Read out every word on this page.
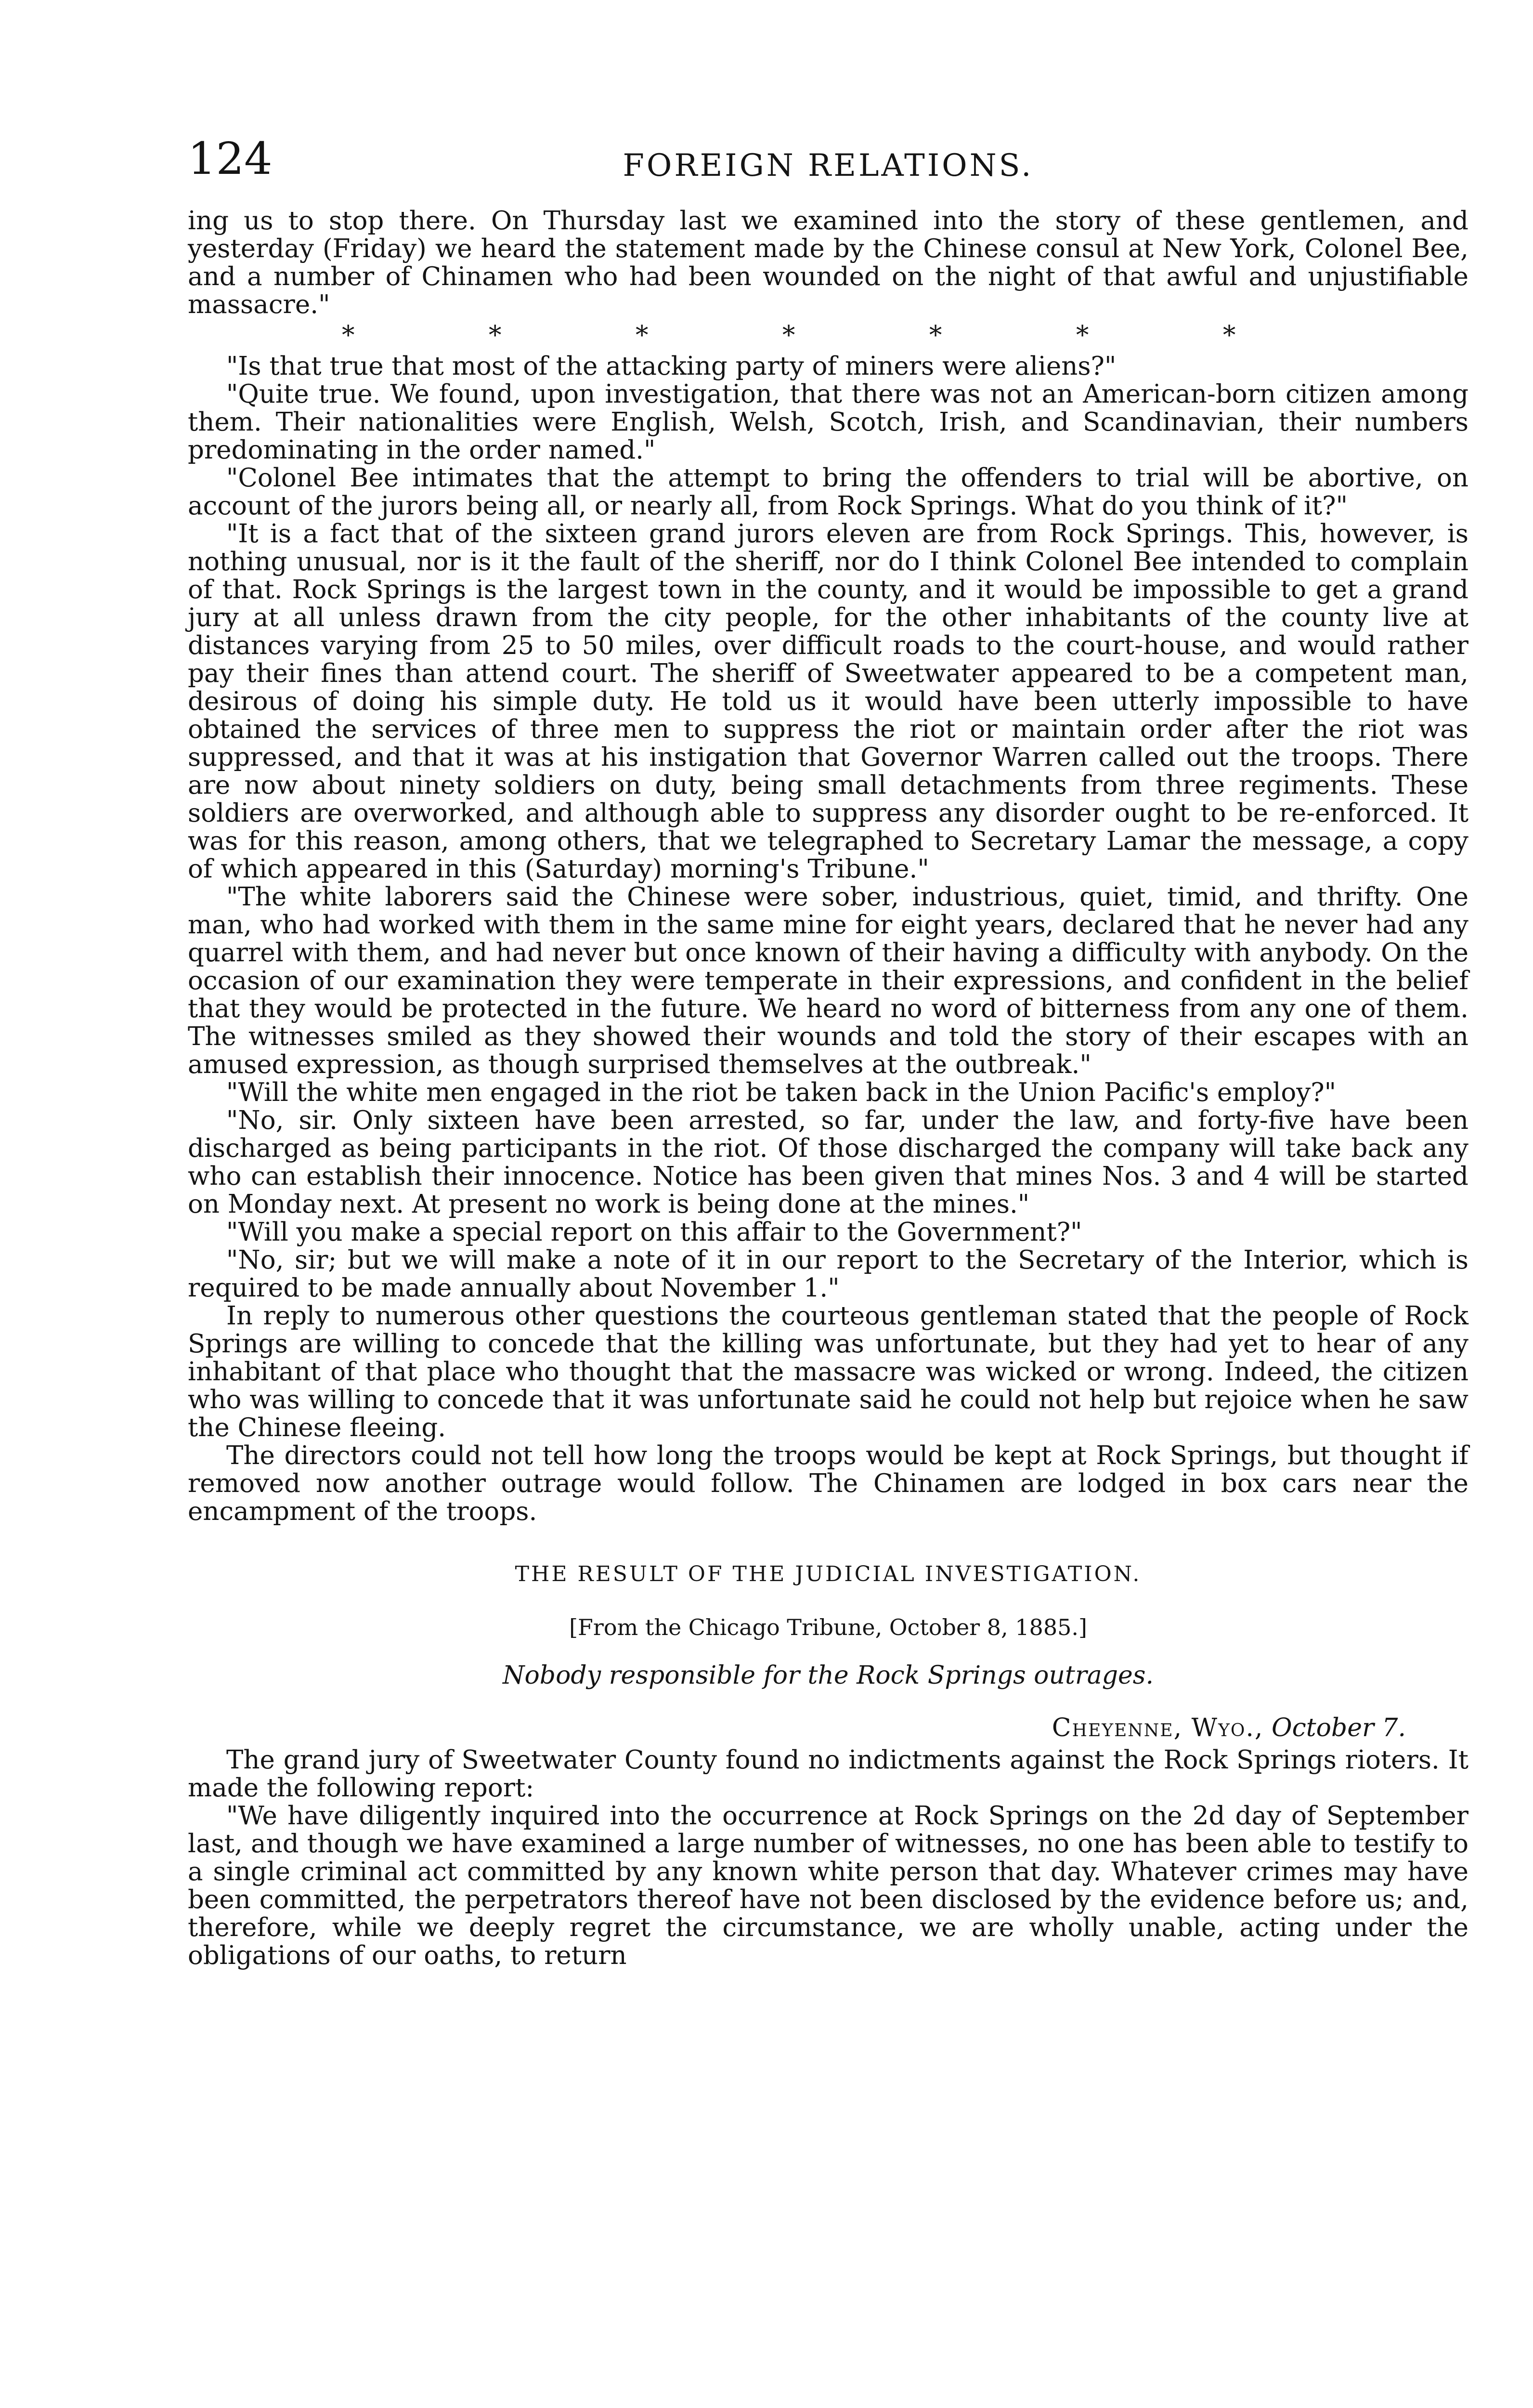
124	FOREIGN RELATIONS.

ing us to stop there. On Thursday last we examined into the story of these gentlemen, and yesterday (Friday) we heard the statement made by the Chinese consul at New York, Colonel Bee, and a number of Chinamen who had been wounded on the night of that awful and unjustifiable massacre."

*          *          *          *          *          *          *

"Is that true that most of the attacking party of miners were aliens?"

"Quite true. We found, upon investigation, that there was not an American-born citizen among them. Their nationalities were English, Welsh, Scotch, Irish, and Scandinavian, their numbers predominating in the order named."

"Colonel Bee intimates that the attempt to bring the offenders to trial will be abortive, on account of the jurors being all, or nearly all, from Rock Springs. What do you think of it?"

"It is a fact that of the sixteen grand jurors eleven are from Rock Springs. This, however, is nothing unusual, nor is it the fault of the sheriff, nor do I think Colonel Bee intended to complain of that. Rock Springs is the largest town in the county, and it would be impossible to get a grand jury at all unless drawn from the city people, for the other inhabitants of the county live at distances varying from 25 to 50 miles, over difficult roads to the court-house, and would rather pay their fines than attend court. The sheriff of Sweetwater appeared to be a competent man, desirous of doing his simple duty. He told us it would have been utterly impossible to have obtained the services of three men to suppress the riot or maintain order after the riot was suppressed, and that it was at his instigation that Governor Warren called out the troops. There are now about ninety soldiers on duty, being small detachments from three regiments. These soldiers are overworked, and although able to suppress any disorder ought to be re-enforced. It was for this reason, among others, that we telegraphed to Secretary Lamar the message, a copy of which appeared in this (Saturday) morning's Tribune."

"The white laborers said the Chinese were sober, industrious, quiet, timid, and thrifty. One man, who had worked with them in the same mine for eight years, declared that he never had any quarrel with them, and had never but once known of their having a difficulty with anybody. On the occasion of our examination they were temperate in their expressions, and confident in the belief that they would be protected in the future. We heard no word of bitterness from any one of them. The witnesses smiled as they showed their wounds and told the story of their escapes with an amused expression, as though surprised themselves at the outbreak."

"Will the white men engaged in the riot be taken back in the Union Pacific's employ?"

"No, sir. Only sixteen have been arrested, so far, under the law, and forty-five have been discharged as being participants in the riot. Of those discharged the company will take back any who can establish their innocence. Notice has been given that mines Nos. 3 and 4 will be started on Monday next. At present no work is being done at the mines."

"Will you make a special report on this affair to the Government?"

"No, sir; but we will make a note of it in our report to the Secretary of the Interior, which is required to be made annually about November 1."

In reply to numerous other questions the courteous gentleman stated that the people of Rock Springs are willing to concede that the killing was unfortunate, but they had yet to hear of any inhabitant of that place who thought that the massacre was wicked or wrong. Indeed, the citizen who was willing to concede that it was unfortunate said he could not help but rejoice when he saw the Chinese fleeing.

The directors could not tell how long the troops would be kept at Rock Springs, but thought if removed now another outrage would follow. The Chinamen are lodged in box cars near the encampment of the troops.

THE RESULT OF THE JUDICIAL INVESTIGATION.
[From the Chicago Tribune, October 8, 1885.]
Nobody responsible for the Rock Springs outrages.
Cheyenne, Wyo., October 7.

The grand jury of Sweetwater County found no indictments against the Rock Springs rioters. It made the following report:

"We have diligently inquired into the occurrence at Rock Springs on the 2d day of September last, and though we have examined a large number of witnesses, no one has been able to testify to a single criminal act committed by any known white person that day. Whatever crimes may have been committed, the perpetrators thereof have not been disclosed by the evidence before us; and, therefore, while we deeply regret the circumstance, we are wholly unable, acting under the obligations of our oaths, to return
